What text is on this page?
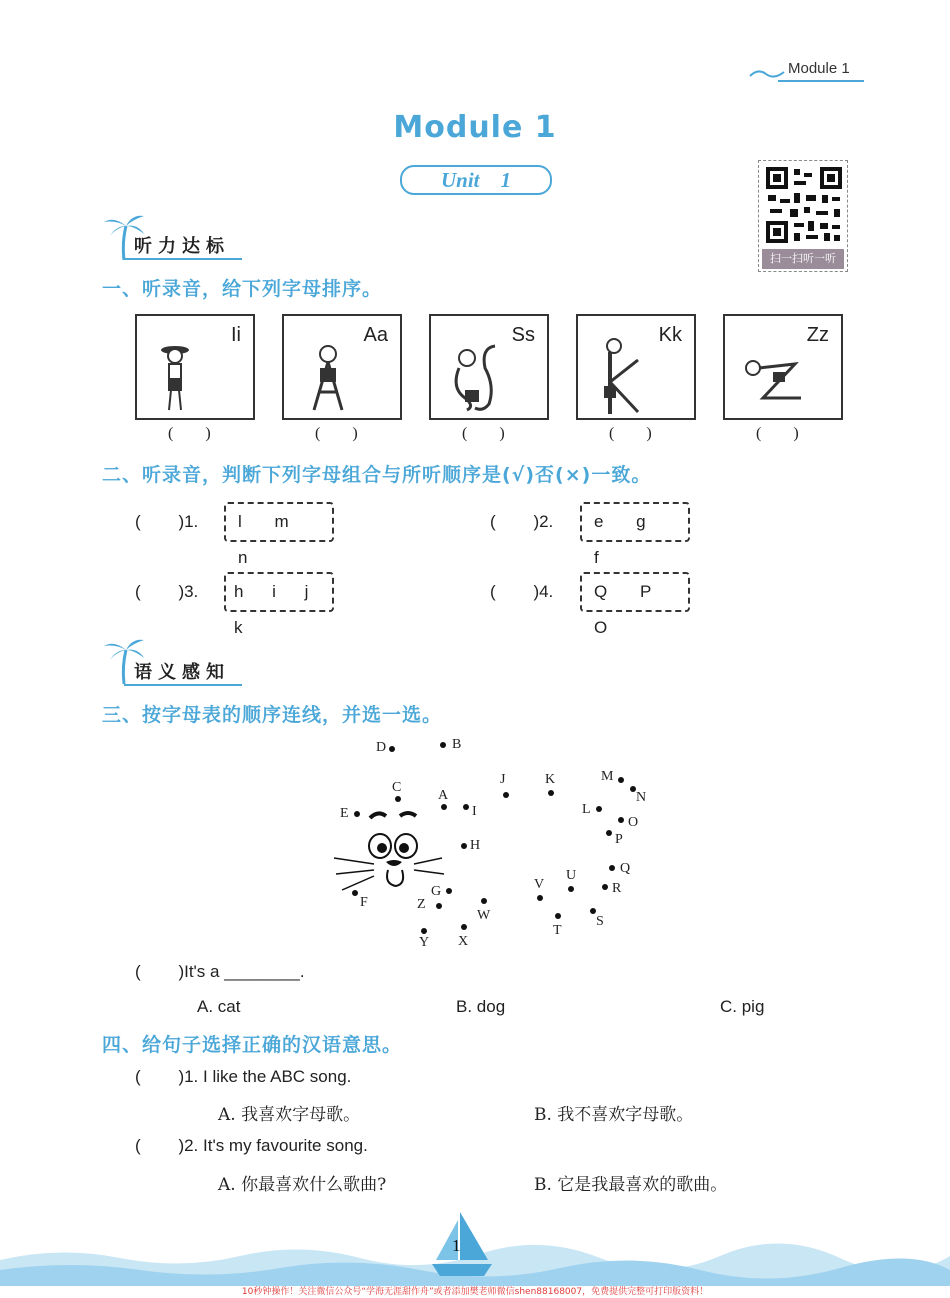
Module 1
Module 1
Unit    1
扫一扫听一听
听力达标
一、听录音，给下列字母排序。
Ii	Aa	Ss	Kk	Zz
(        )	(        )	(        )	(        )	(        )
二、听录音，判断下列字母组合与所听顺序是(√)否(×)一致。
(        )1.	l m n
(        )2.	e g f
(        )3.	h i j k
(        )4.	Q P O
语义感知
三、按字母表的顺序连线，并选一选。
D	B
C
A
I
J	K	M
N
E	L
O
P
H
Q
U
V	R
G
F	Z
W	S
T
Y X
(        )It's a ________.
A. cat	B. dog	C. pig
四、给句子选择正确的汉语意思。
(        )1. I like the ABC song.
A. 我喜欢字母歌。	B. 我不喜欢字母歌。
(        )2. It's my favourite song.
A. 你最喜欢什么歌曲?	B. 它是我最喜欢的歌曲。
1
10秒钟操作！关注微信公众号“学海无涯甜作舟”或者添加樊老师微信shen88168007，免费提供完整可打印版资料！
